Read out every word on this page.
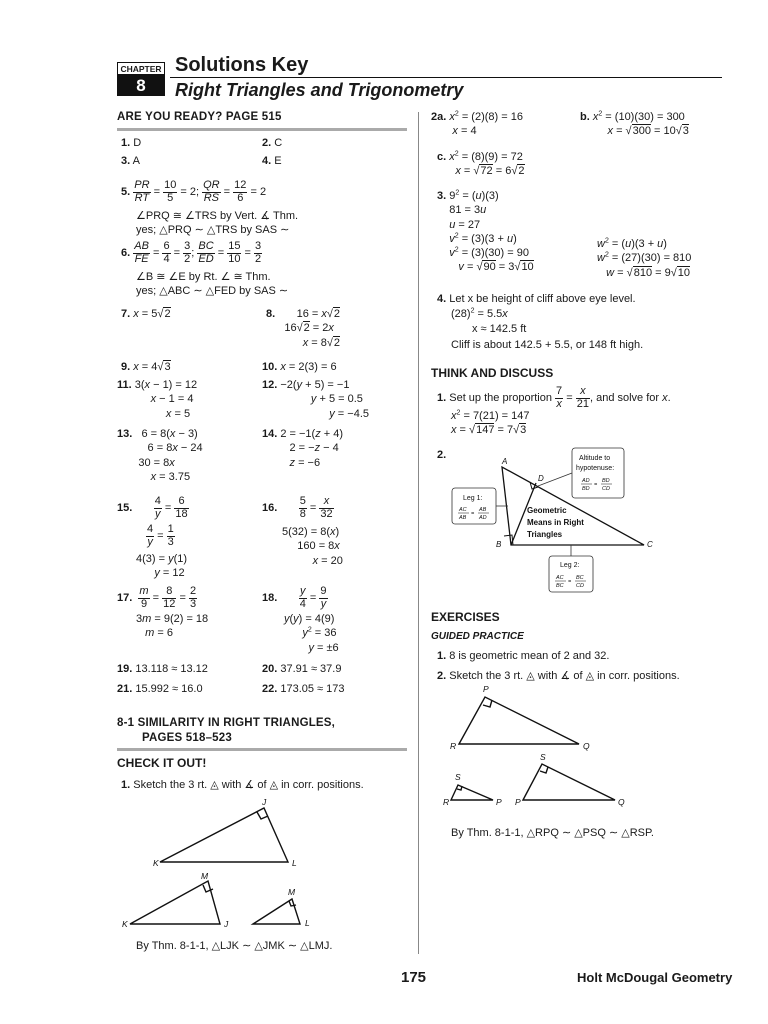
CHAPTER
8
Solutions Key
Right Triangles and Trigonometry
ARE YOU READY? PAGE 515
1. D	2. C
3. A	4. E
5. $\frac{PR}{RT} = \frac{10}{5} = 2$; $\frac{QR}{RS} = \frac{12}{6} = 2$
∠PRQ ≅ ∠TRS by Vert. ∡ Thm.
yes; △PRQ ∼ △TRS by SAS ∼
6. $\frac{AB}{FE} = \frac{6}{4} = \frac{3}{2}$ ; $\frac{BC}{ED} = \frac{15}{10} = \frac{3}{2}$
∠B ≅ ∠E by Rt. ∠ ≅ Thm.
yes; △ABC ∼ △FED by SAS ∼
7. x = 5√2	8.       16 = x√2
16√2 = 2x
x = 8√2
9. x = 4√3	10. x = 2(3) = 6
11. 3(x − 1) = 12
x − 1 = 4
x = 5
12. −2(y + 5) = −1
y + 5 = 0.5
y = −4.5
13.   6 = 8(x − 3)
6 = 8x − 24
30 = 8x
x = 3.75
14. 2 = −1(z + 4)
2 = −z − 4
z = −6
15. $\frac{4}{y} = \frac{6}{18}$
$\frac{4}{y} = \frac{1}{3}$
4(3) = y(1)
y = 12
16. $\frac{5}{8} = \frac{x}{32}$
5(32) = 8(x)
160 = 8x
x = 20
17. $\frac{m}{9} = \frac{8}{12} = \frac{2}{3}$
3m = 9(2) = 18
m = 6
18. $\frac{y}{4} = \frac{9}{y}$
y(y) = 4(9)
$y^2 = 36$
y = ±6
19. 13.118 ≈ 13.12	20. 37.91 ≈ 37.9
21. 15.992 ≈ 16.0	22. 173.05 ≈ 173
8-1 SIMILARITY IN RIGHT TRIANGLES,
PAGES 518–523
CHECK IT OUT!
1. Sketch the 3 rt. ◬ with ∡ of ◬ in corr. positions.
J
K	L
M
K	J
M
L
By Thm. 8-1-1, △LJK ∼ △JMK ∼ △LMJ.
2a. $x^2 = (2)(8) = 16$
x = 4
b. $x^2 = (10)(30) = 300$
x = √300 = 10√3
c. $x^2 = (8)(9) = 72$
x = √72 = 6√2
3. $9^2 = (u)(3)$
81 = 3u
u = 27
$v^2 = (3)(3 + u)$
$v^2 = (3)(30) = 90$
v = √90 = 3√10
$w^2 = (u)(3 + u)$
$w^2 = (27)(30) = 810$
w = √810 = 9√10
4. Let x be height of cliff above eye level.
$(28)^2 = 5.5x$
x ≈ 142.5 ft
Cliff is about 142.5 + 5.5, or 148 ft high.
THINK AND DISCUSS
1. Set up the proportion $\frac{7}{x} = \frac{x}{21}$ , and solve for x.
$x^2 = 7(21) = 147$
x = √147 = 7√3
2.
A
B	C
D
Geometric
Means in Right
Triangles
Leg 1:
AC
AB
=
AB
AD
Leg 2:
AC
BC
=
BC
CD
Altitude to
hypotenuse:
AD
BD
=
BD
CD
EXERCISES
GUIDED PRACTICE
1. 8 is geometric mean of 2 and 32.
2. Sketch the 3 rt. ◬ with ∡ of ◬ in corr. positions.
P
R	Q
S
R	P
S
P	Q
By Thm. 8-1-1, △RPQ ∼ △PSQ ∼ △RSP.
175	Holt McDougal Geometry
